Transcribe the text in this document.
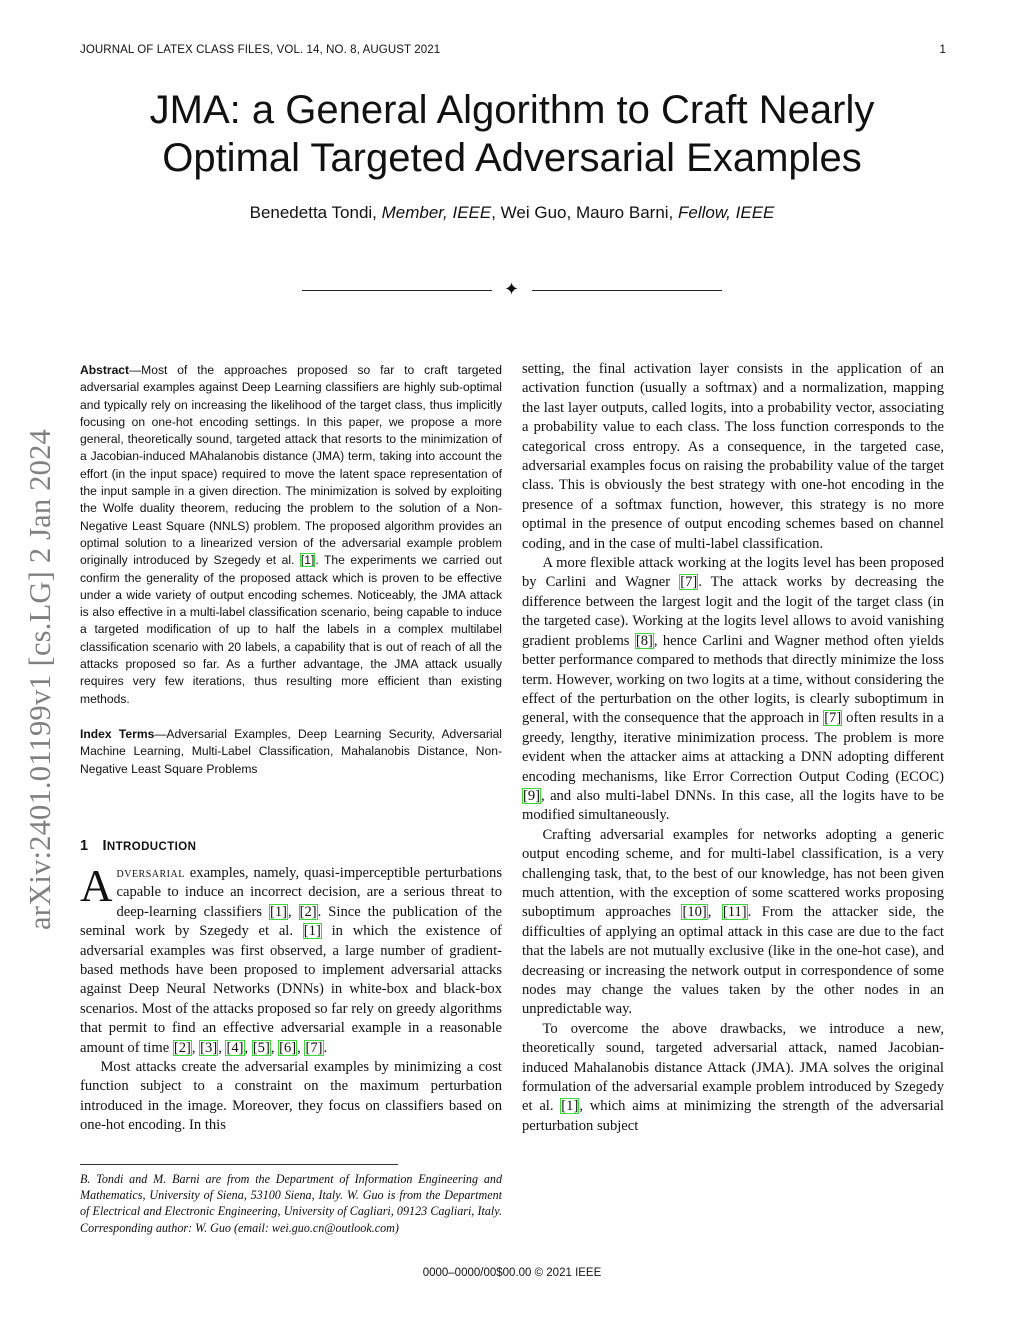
JOURNAL OF LATEX CLASS FILES, VOL. 14, NO. 8, AUGUST 2021	1
JMA: a General Algorithm to Craft Nearly
Optimal Targeted Adversarial Examples
Benedetta Tondi, Member, IEEE, Wei Guo, Mauro Barni, Fellow, IEEE
✦
arXiv:2401.01199v1 [cs.LG] 2 Jan 2024

Abstract—Most of the approaches proposed so far to craft targeted adversarial examples against Deep Learning classifiers are highly sub-optimal and typically rely on increasing the likelihood of the target class, thus implicitly focusing on one-hot encoding settings. In this paper, we propose a more general, theoretically sound, targeted attack that resorts to the minimization of a Jacobian-induced MAhalanobis distance (JMA) term, taking into account the effort (in the input space) required to move the latent space representation of the input sample in a given direction. The minimization is solved by exploiting the Wolfe duality theorem, reducing the problem to the solution of a Non-Negative Least Square (NNLS) problem. The proposed algorithm provides an optimal solution to a linearized version of the adversarial example problem originally introduced by Szegedy et al. [1]. The experiments we carried out confirm the generality of the proposed attack which is proven to be effective under a wide variety of output encoding schemes. Noticeably, the JMA attack is also effective in a multi-label classification scenario, being capable to induce a targeted modification of up to half the labels in a complex multilabel classification scenario with 20 labels, a capability that is out of reach of all the attacks proposed so far. As a further advantage, the JMA attack usually requires very few iterations, thus resulting more efficient than existing methods.

Index Terms—Adversarial Examples, Deep Learning Security, Adversarial Machine Learning, Multi-Label Classification, Mahalanobis Distance, Non-Negative Least Square Problems

1 INTRODUCTION

Adversarial examples, namely, quasi-imperceptible perturbations capable to induce an incorrect decision, are a serious threat to deep-learning classifiers [1], [2]. Since the publication of the seminal work by Szegedy et al. [1] in which the existence of adversarial examples was first observed, a large number of gradient-based methods have been proposed to implement adversarial attacks against Deep Neural Networks (DNNs) in white-box and black-box scenarios. Most of the attacks proposed so far rely on greedy algorithms that permit to find an effective adversarial example in a reasonable amount of time [2], [3], [4], [5], [6], [7].

Most attacks create the adversarial examples by minimizing a cost function subject to a constraint on the maximum perturbation introduced in the image. Moreover, they focus on classifiers based on one-hot encoding. In this

B. Tondi and M. Barni are from the Department of Information Engineering and Mathematics, University of Siena, 53100 Siena, Italy. W. Guo is from the Department of Electrical and Electronic Engineering, University of Cagliari, 09123 Cagliari, Italy. Corresponding author: W. Guo (email: wei.guo.cn@outlook.com)

setting, the final activation layer consists in the application of an activation function (usually a softmax) and a normalization, mapping the last layer outputs, called logits, into a probability vector, associating a probability value to each class. The loss function corresponds to the categorical cross entropy. As a consequence, in the targeted case, adversarial examples focus on raising the probability value of the target class. This is obviously the best strategy with one-hot encoding in the presence of a softmax function, however, this strategy is no more optimal in the presence of output encoding schemes based on channel coding, and in the case of multi-label classification.

A more flexible attack working at the logits level has been proposed by Carlini and Wagner [7]. The attack works by decreasing the difference between the largest logit and the logit of the target class (in the targeted case). Working at the logits level allows to avoid vanishing gradient problems [8], hence Carlini and Wagner method often yields better performance compared to methods that directly minimize the loss term. However, working on two logits at a time, without considering the effect of the perturbation on the other logits, is clearly suboptimum in general, with the consequence that the approach in [7] often results in a greedy, lengthy, iterative minimization process. The problem is more evident when the attacker aims at attacking a DNN adopting different encoding mechanisms, like Error Correction Output Coding (ECOC) [9], and also multi-label DNNs. In this case, all the logits have to be modified simultaneously.

Crafting adversarial examples for networks adopting a generic output encoding scheme, and for multi-label classification, is a very challenging task, that, to the best of our knowledge, has not been given much attention, with the exception of some scattered works proposing suboptimum approaches [10], [11]. From the attacker side, the difficulties of applying an optimal attack in this case are due to the fact that the labels are not mutually exclusive (like in the one-hot case), and decreasing or increasing the network output in correspondence of some nodes may change the values taken by the other nodes in an unpredictable way.

To overcome the above drawbacks, we introduce a new, theoretically sound, targeted adversarial attack, named Jacobian-induced Mahalanobis distance Attack (JMA). JMA solves the original formulation of the adversarial example problem introduced by Szegedy et al. [1], which aims at minimizing the strength of the adversarial perturbation subject

0000–0000/00$00.00 © 2021 IEEE
